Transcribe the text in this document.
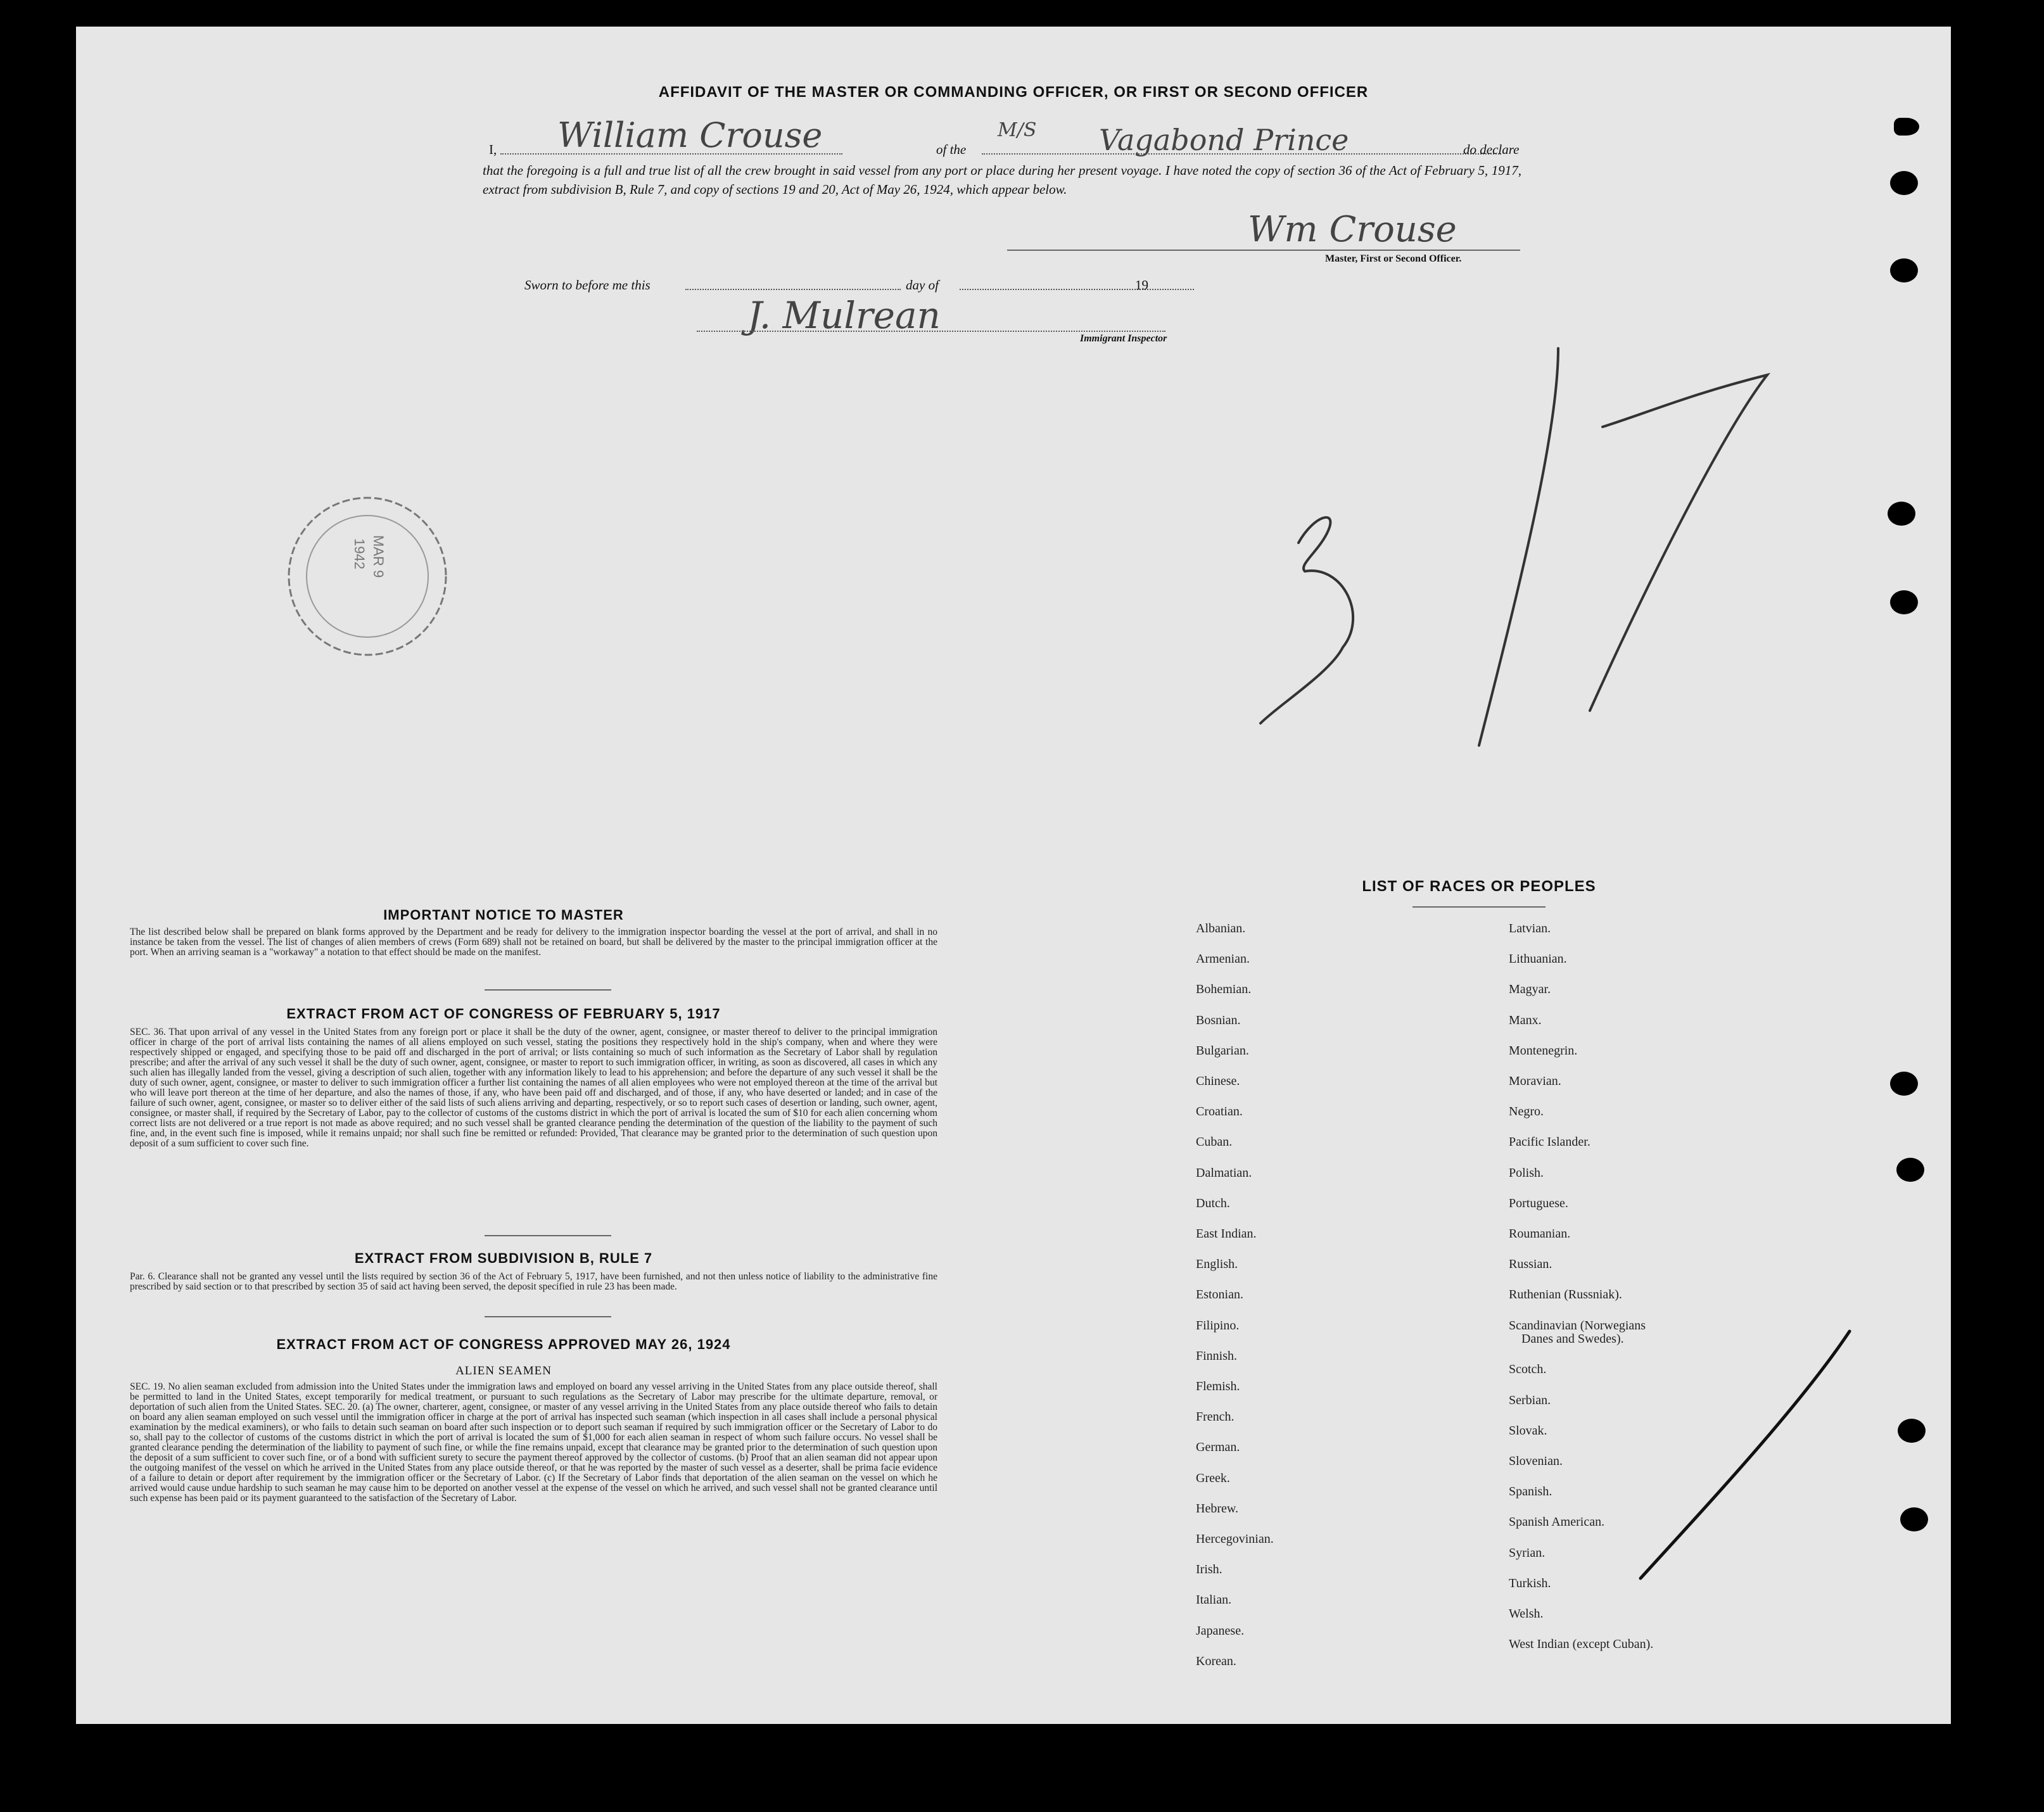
AFFIDAVIT OF THE MASTER OR COMMANDING OFFICER, OR FIRST OR SECOND OFFICER
I, William Crouse	of the
M/S Vagabond Prince	do declare
that the foregoing is a full and true list of all the crew brought in said vessel from any port or place during her present voyage. I have noted the copy of section 36 of the Act of February 5, 1917, extract from subdivision B, Rule 7, and copy of sections 19 and 20, Act of May 26, 1924, which appear below.
Wm Crouse
Master, First or Second Officer.
Sworn to before me this	day of	19
J. Mulrean
Immigrant Inspector
MAR 9
1942
IMPORTANT NOTICE TO MASTER
The list described below shall be prepared on blank forms approved by the Department and be ready for delivery to the immigration inspector boarding the vessel at the port of arrival, and shall in no instance be taken from the vessel. The list of changes of alien members of crews (Form 689) shall not be retained on board, but shall be delivered by the master to the principal immigration officer at the port. When an arriving seaman is a "workaway" a notation to that effect should be made on the manifest.
EXTRACT FROM ACT OF CONGRESS OF FEBRUARY 5, 1917
SEC. 36. That upon arrival of any vessel in the United States from any foreign port or place it shall be the duty of the owner, agent, consignee, or master thereof to deliver to the principal immigration officer in charge of the port of arrival lists containing the names of all aliens employed on such vessel, stating the positions they respectively hold in the ship's company, when and where they were respectively shipped or engaged, and specifying those to be paid off and discharged in the port of arrival; or lists containing so much of such information as the Secretary of Labor shall by regulation prescribe; and after the arrival of any such vessel it shall be the duty of such owner, agent, consignee, or master to report to such immigration officer, in writing, as soon as discovered, all cases in which any such alien has illegally landed from the vessel, giving a description of such alien, together with any information likely to lead to his apprehension; and before the departure of any such vessel it shall be the duty of such owner, agent, consignee, or master to deliver to such immigration officer a further list containing the names of all alien employees who were not employed thereon at the time of the arrival but who will leave port thereon at the time of her departure, and also the names of those, if any, who have been paid off and discharged, and of those, if any, who have deserted or landed; and in case of the failure of such owner, agent, consignee, or master so to deliver either of the said lists of such aliens arriving and departing, respectively, or so to report such cases of desertion or landing, such owner, agent, consignee, or master shall, if required by the Secretary of Labor, pay to the collector of customs of the customs district in which the port of arrival is located the sum of $10 for each alien concerning whom correct lists are not delivered or a true report is not made as above required; and no such vessel shall be granted clearance pending the determination of the question of the liability to the payment of such fine, and, in the event such fine is imposed, while it remains unpaid; nor shall such fine be remitted or refunded: Provided, That clearance may be granted prior to the determination of such question upon deposit of a sum sufficient to cover such fine.
EXTRACT FROM SUBDIVISION B, RULE 7
Par. 6. Clearance shall not be granted any vessel until the lists required by section 36 of the Act of February 5, 1917, have been furnished, and not then unless notice of liability to the administrative fine prescribed by said section or to that prescribed by section 35 of said act having been served, the deposit specified in rule 23 has been made.
EXTRACT FROM ACT OF CONGRESS APPROVED MAY 26, 1924
ALIEN SEAMEN
SEC. 19. No alien seaman excluded from admission into the United States under the immigration laws and employed on board any vessel arriving in the United States from any place outside thereof, shall be permitted to land in the United States, except temporarily for medical treatment, or pursuant to such regulations as the Secretary of Labor may prescribe for the ultimate departure, removal, or deportation of such alien from the United States. SEC. 20. (a) The owner, charterer, agent, consignee, or master of any vessel arriving in the United States from any place outside thereof who fails to detain on board any alien seaman employed on such vessel until the immigration officer in charge at the port of arrival has inspected such seaman (which inspection in all cases shall include a personal physical examination by the medical examiners), or who fails to detain such seaman on board after such inspection or to deport such seaman if required by such immigration officer or the Secretary of Labor to do so, shall pay to the collector of customs of the customs district in which the port of arrival is located the sum of $1,000 for each alien seaman in respect of whom such failure occurs. No vessel shall be granted clearance pending the determination of the liability to payment of such fine, or while the fine remains unpaid, except that clearance may be granted prior to the determination of such question upon the deposit of a sum sufficient to cover such fine, or of a bond with sufficient surety to secure the payment thereof approved by the collector of customs. (b) Proof that an alien seaman did not appear upon the outgoing manifest of the vessel on which he arrived in the United States from any place outside thereof, or that he was reported by the master of such vessel as a deserter, shall be prima facie evidence of a failure to detain or deport after requirement by the immigration officer or the Secretary of Labor. (c) If the Secretary of Labor finds that deportation of the alien seaman on the vessel on which he arrived would cause undue hardship to such seaman he may cause him to be deported on another vessel at the expense of the vessel on which he arrived, and such vessel shall not be granted clearance until such expense has been paid or its payment guaranteed to the satisfaction of the Secretary of Labor.
LIST OF RACES OR PEOPLES
Albanian.
Armenian.
Bohemian.
Bosnian.
Bulgarian.
Chinese.
Croatian.
Cuban.
Dalmatian.
Dutch.
East Indian.
English.
Estonian.
Filipino.
Finnish.
Flemish.
French.
German.
Greek.
Hebrew.
Hercegovinian.
Irish.
Italian.
Japanese.
Korean.
Latvian.
Lithuanian.
Magyar.
Manx.
Montenegrin.
Moravian.
Negro.
Pacific Islander.
Polish.
Portuguese.
Roumanian.
Russian.
Ruthenian (Russniak).
Scandinavian (Norwegians
Danes and Swedes).
Scotch.
Serbian.
Slovak.
Slovenian.
Spanish.
Spanish American.
Syrian.
Turkish.
Welsh.
West Indian (except Cuban).
